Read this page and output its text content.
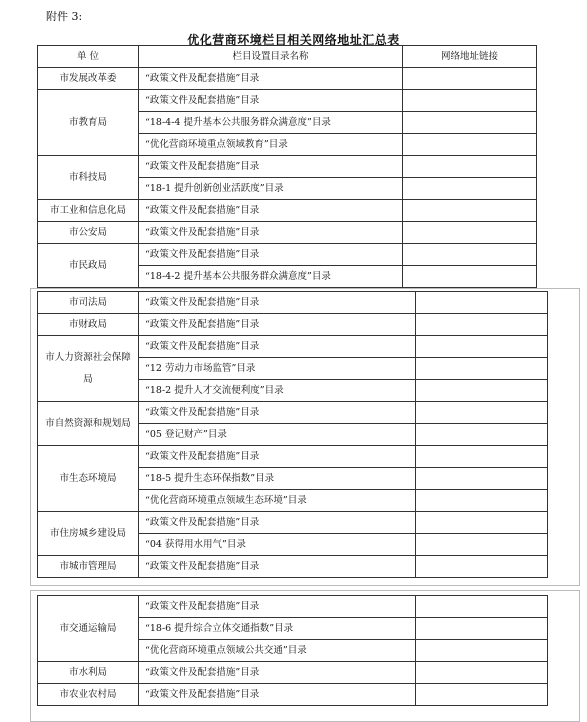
附件 3:
优化营商环境栏目相关网络地址汇总表
单 位	栏目设置目录名称	网络地址链接
市发展改革委	“政策文件及配套措施”目录	
市教育局	“政策文件及配套措施”目录	
	“18-4-4 提升基本公共服务群众满意度”目录	
	“优化营商环境重点领域教育”目录	
市科技局	“政策文件及配套措施”目录	
	“18-1 提升创新创业活跃度”目录	
市工业和信息化局	“政策文件及配套措施”目录	
市公安局	“政策文件及配套措施”目录	
市民政局	“政策文件及配套措施”目录	
	“18-4-2 提升基本公共服务群众满意度”目录	
市司法局	“政策文件及配套措施”目录	
市财政局	“政策文件及配套措施”目录	
市人力资源社会保障局	“政策文件及配套措施”目录	
	“12 劳动力市场监管”目录	
	“18-2 提升人才交流便利度”目录	
市自然资源和规划局	“政策文件及配套措施”目录	
	“05 登记财产”目录	
市生态环境局	“政策文件及配套措施”目录	
	“18-5 提升生态环保指数”目录	
	“优化营商环境重点领域生态环境”目录	
市住房城乡建设局	“政策文件及配套措施”目录	
	“04 获得用水用气”目录	
市城市管理局	“政策文件及配套措施”目录	
市交通运输局	“政策文件及配套措施”目录	
	“18-6 提升综合立体交通指数”目录	
	“优化营商环境重点领域公共交通”目录	
市水利局	“政策文件及配套措施”目录	
市农业农村局	“政策文件及配套措施”目录	
